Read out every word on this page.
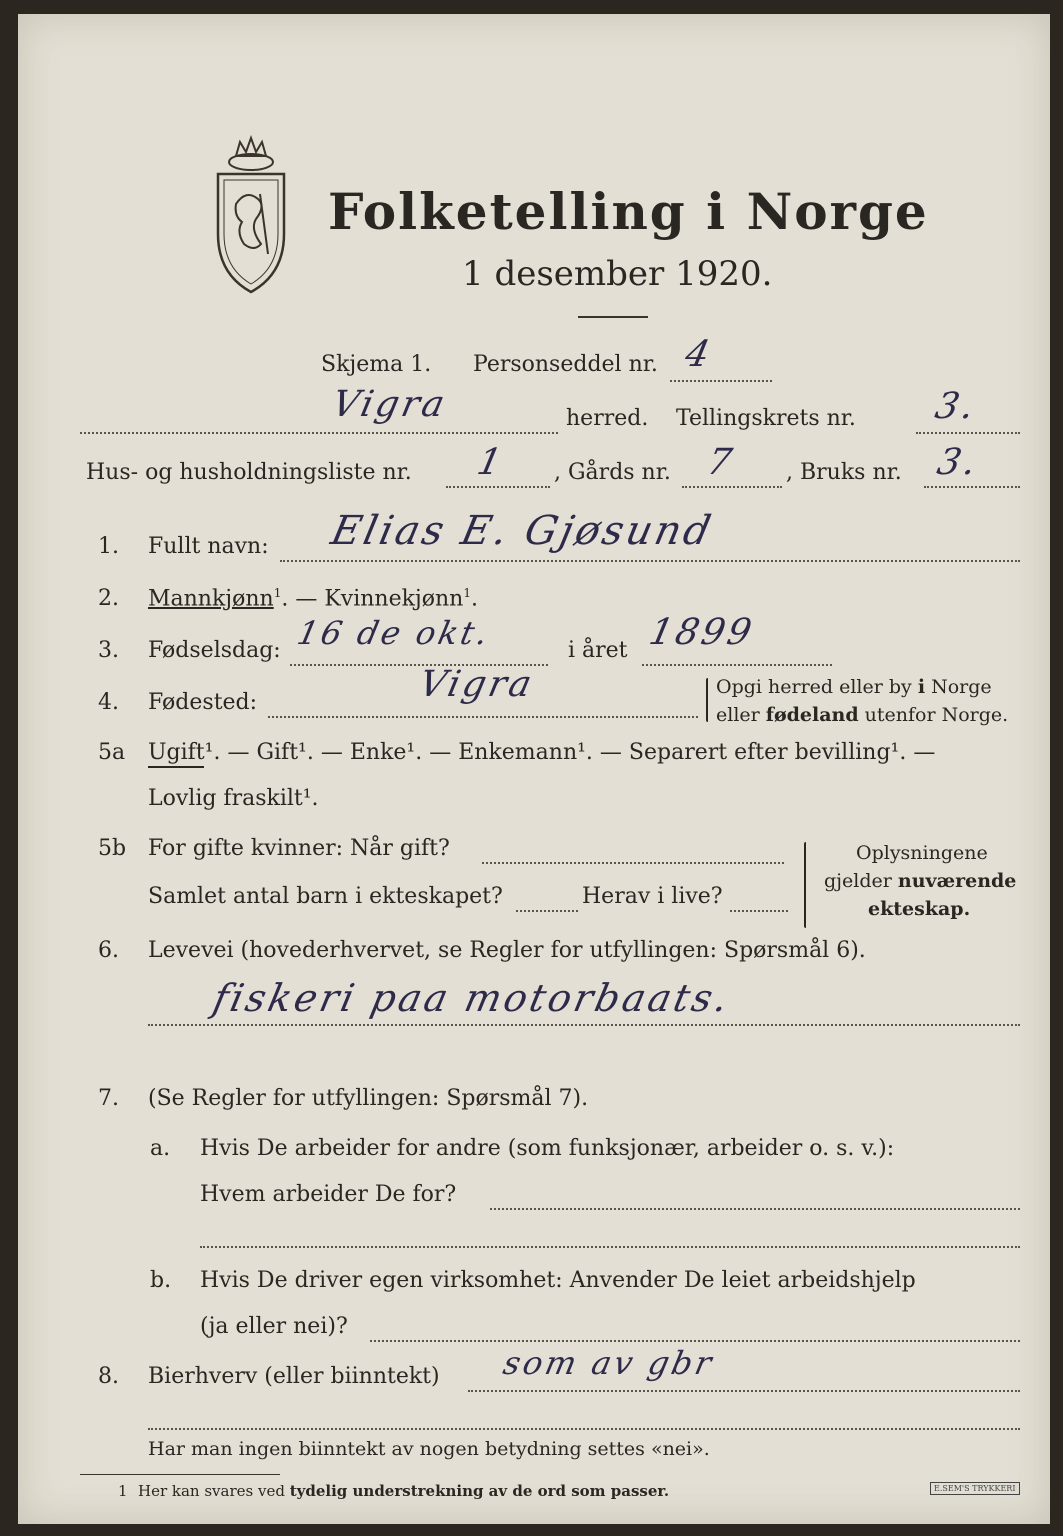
Folketelling i Norge
1 desember 1920.
Skjema 1. Personseddel nr. 4
Vigra	herred. Tellingskrets nr. 3.
Hus- og husholdningsliste nr. 1 , Gårds nr. 7 , Bruks nr. 3.
1. Fullt navn: Elias E. Gjøsund
2. Mannkjønn$^1$. — Kvinnekjønn$^1$.
3. Fødselsdag: 16 de okt.	i året 1899
4. Fødested:	Vigra	Opgi herred eller by i Norge
eller fødeland utenfor Norge.
5a Ugift¹. — Gift¹. — Enke¹. — Enkemann¹. — Separert efter bevilling¹. —
Lovlig fraskilt¹.
5b For gifte kvinner: Når gift?
Samlet antal barn i ekteskapet?	Herav i live?
Oplysningene
gjelder nuværende
ekteskap.
6. Levevei (hovederhvervet, se Regler for utfyllingen: Spørsmål 6).
fiskeri paa motorbaats.
7. (Se Regler for utfyllingen: Spørsmål 7).
a. Hvis De arbeider for andre (som funksjonær, arbeider o. s. v.):
Hvem arbeider De for?
b. Hvis De driver egen virksomhet: Anvender De leiet arbeidshjelp
(ja eller nei)?
8. Bierhverv (eller biinntekt) som av gbr
Har man ingen biinntekt av nogen betydning settes «nei».
1 Her kan svares ved tydelig understrekning av de ord som passer.	E.SEM'S TRYKKERI
